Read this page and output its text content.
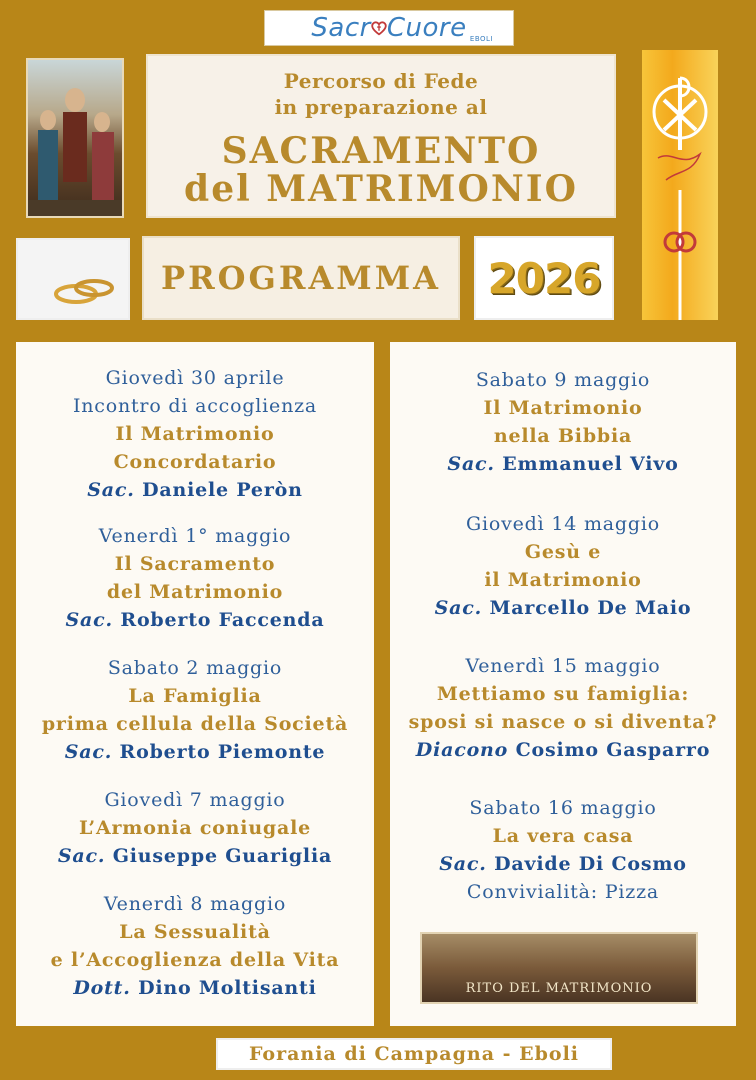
Sacr Cuore EBOLI
Percorso di Fede
in preparazione al
SACRAMENTO
del MATRIMONIO
PROGRAMMA 2026
Giovedì 30 aprile
Incontro di accoglienza
Il Matrimonio
Concordatario
Sac. Daniele Peròn
Venerdì 1° maggio
Il Sacramento
del Matrimonio
Sac. Roberto Faccenda
Sabato 2 maggio
La Famiglia
prima cellula della Società
Sac. Roberto Piemonte
Giovedì 7 maggio
L’Armonia coniugale
Sac. Giuseppe Guariglia
Venerdì 8 maggio
La Sessualità
e l’Accoglienza della Vita
Dott. Dino Moltisanti
Sabato 9 maggio
Il Matrimonio
nella Bibbia
Sac. Emmanuel Vivo
Giovedì 14 maggio
Gesù e
il Matrimonio
Sac. Marcello De Maio
Venerdì 15 maggio
Mettiamo su famiglia:
sposi si nasce o si diventa?
Diacono Cosimo Gasparro
Sabato 16 maggio
La vera casa
Sac. Davide Di Cosmo
Convivialità: Pizza
RITO DEL MATRIMONIO
Forania di Campagna - Eboli
